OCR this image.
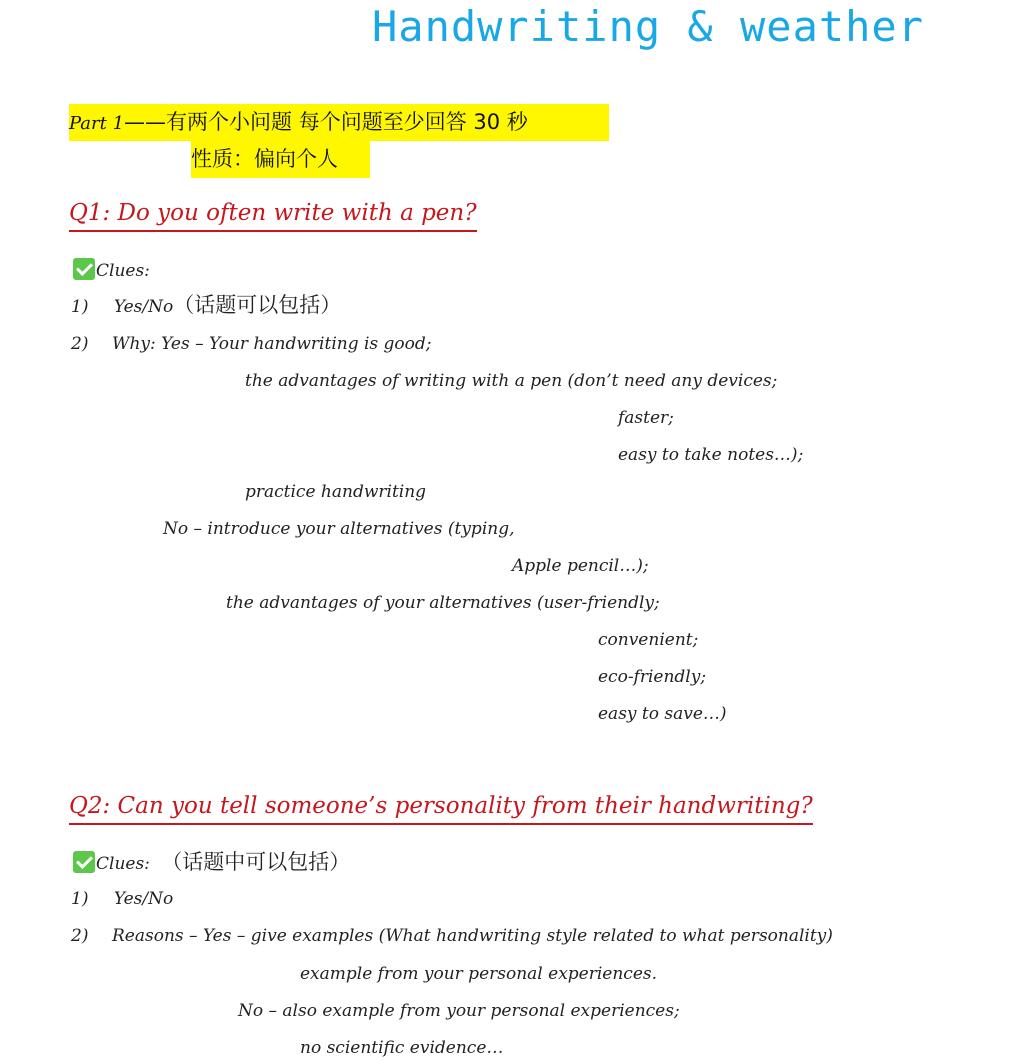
Handwriting & weather
Part 1——有两个小问题 每个问题至少回答 30 秒
性质：偏向个人
Q1: Do you often write with a pen?
Clues:
1) Yes/No（话题可以包括）
2) Why: Yes – Your handwriting is good;
the advantages of writing with a pen (don’t need any devices;
faster;
easy to take notes…);
practice handwriting
No – introduce your alternatives (typing,
Apple pencil…);
the advantages of your alternatives (user-friendly;
convenient;
eco-friendly;
easy to save…)
Q2: Can you tell someone’s personality from their handwriting?
Clues: （话题中可以包括）
1) Yes/No
2) Reasons – Yes – give examples (What handwriting style related to what personality)
example from your personal experiences.
No – also example from your personal experiences;
no scientific evidence…
